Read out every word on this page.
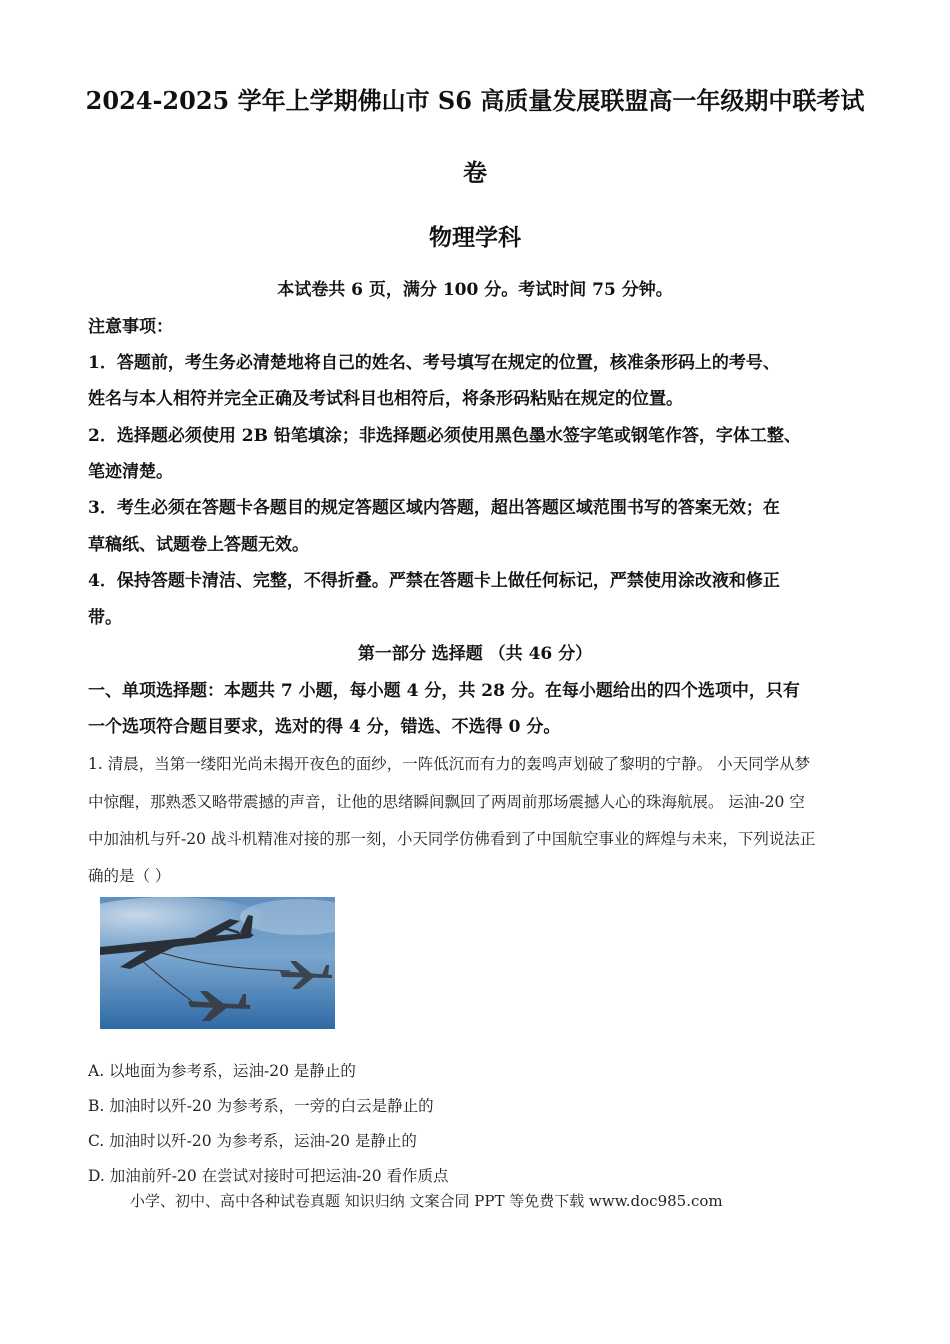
2024-2025 学年上学期佛山市 S6 高质量发展联盟高一年级期中联考试
卷
物理学科
本试卷共 6 页，满分 100 分。考试时间 75 分钟。
注意事项：
1．答题前，考生务必清楚地将自己的姓名、考号填写在规定的位置，核准条形码上的考号、
姓名与本人相符并完全正确及考试科目也相符后，将条形码粘贴在规定的位置。
2．选择题必须使用 2B 铅笔填涂；非选择题必须使用黑色墨水签字笔或钢笔作答，字体工整、
笔迹清楚。
3．考生必须在答题卡各题目的规定答题区域内答题，超出答题区域范围书写的答案无效；在
草稿纸、试题卷上答题无效。
4．保持答题卡清洁、完整，不得折叠。严禁在答题卡上做任何标记，严禁使用涂改液和修正
带。
第一部分 选择题 （共 46 分）
一、单项选择题：本题共 7 小题，每小题 4 分，共 28 分。在每小题给出的四个选项中，只有
一个选项符合题目要求，选对的得 4 分，错选、不选得 0 分。
1. 清晨，当第一缕阳光尚未揭开夜色的面纱，一阵低沉而有力的轰鸣声划破了黎明的宁静。 小天同学从梦
中惊醒，那熟悉又略带震撼的声音，让他的思绪瞬间飘回了两周前那场震撼人心的珠海航展。 运油-20 空
中加油机与歼-20 战斗机精准对接的那一刻，小天同学仿佛看到了中国航空事业的辉煌与未来，下列说法正
确的是（ ）
A. 以地面为参考系，运油-20 是静止的
B. 加油时以歼-20 为参考系，一旁的白云是静止的
C. 加油时以歼-20 为参考系，运油-20 是静止的
D. 加油前歼-20 在尝试对接时可把运油-20 看作质点
小学、初中、高中各种试卷真题 知识归纳 文案合同 PPT 等免费下载 www.doc985.com
